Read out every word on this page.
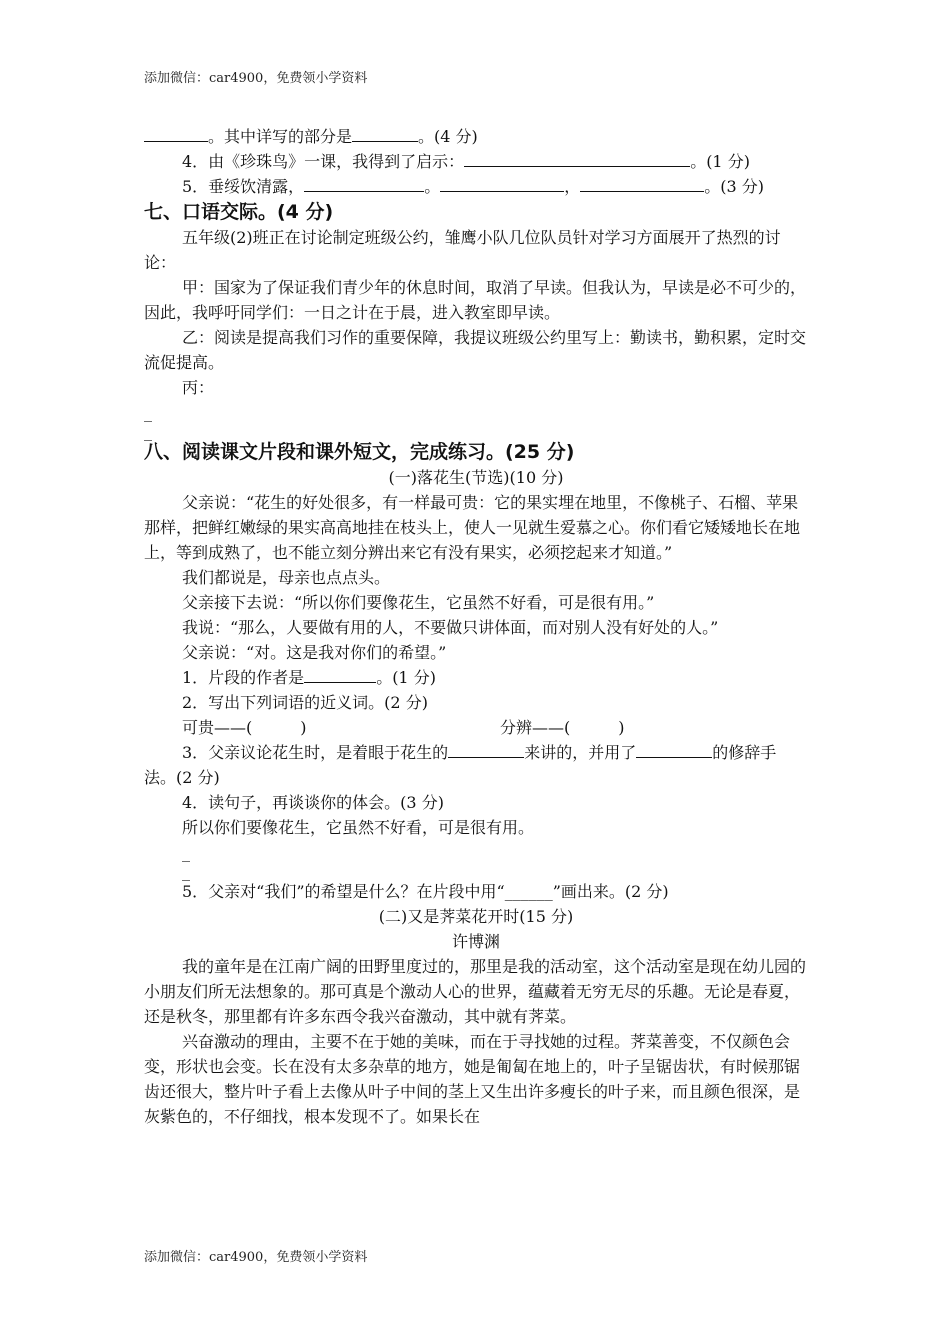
添加微信：car4900，免费领小学资料

。其中详写的部分是	。(4 分)

4．由《珍珠鸟》一课，我得到了启示：	。(1 分)

5．垂绥饮清露，	。	，	。(3 分)

七、口语交际。(4 分)

五年级(2)班正在讨论制定班级公约，雏鹰小队几位队员针对学习方面展开了热烈的讨论：

甲：国家为了保证我们青少年的休息时间，取消了早读。但我认为，早读是必不可少的，因此，我呼吁同学们：一日之计在于晨，进入教室即早读。

乙：阅读是提高我们习作的重要保障，我提议班级公约里写上：勤读书，勤积累，定时交流促提高。

丙：

_
_

八、阅读课文片段和课外短文，完成练习。(25 分)

(一)落花生(节选)(10 分)

父亲说：“花生的好处很多，有一样最可贵：它的果实埋在地里，不像桃子、石榴、苹果那样，把鲜红嫩绿的果实高高地挂在枝头上，使人一见就生爱慕之心。你们看它矮矮地长在地上，等到成熟了，也不能立刻分辨出来它有没有果实，必须挖起来才知道。”

我们都说是，母亲也点点头。

父亲接下去说：“所以你们要像花生，它虽然不好看，可是很有用。”

我说：“那么，人要做有用的人，不要做只讲体面，而对别人没有好处的人。”

父亲说：“对。这是我对你们的希望。”

1．片段的作者是	。(1 分)

2．写出下列词语的近义词。(2 分)

可贵——(　　　)	分辨——(　　　)

3．父亲议论花生时，是着眼于花生的	来讲的，并用了	的修辞手法。(2 分)

4．读句子，再谈谈你的体会。(3 分)

所以你们要像花生，它虽然不好看，可是很有用。

_
_

5．父亲对“我们”的希望是什么？在片段中用“______”画出来。(2 分)

(二)又是荠菜花开时(15 分)

许博渊

我的童年是在江南广阔的田野里度过的，那里是我的活动室，这个活动室是现在幼儿园的小朋友们所无法想象的。那可真是个激动人心的世界，蕴藏着无穷无尽的乐趣。无论是春夏，还是秋冬，那里都有许多东西令我兴奋激动，其中就有荠菜。

兴奋激动的理由，主要不在于她的美味，而在于寻找她的过程。荠菜善变，不仅颜色会变，形状也会变。长在没有太多杂草的地方，她是匍匐在地上的，叶子呈锯齿状，有时候那锯齿还很大，整片叶子看上去像从叶子中间的茎上又生出许多瘦长的叶子来，而且颜色很深，是灰紫色的，不仔细找，根本发现不了。如果长在

添加微信：car4900，免费领小学资料
